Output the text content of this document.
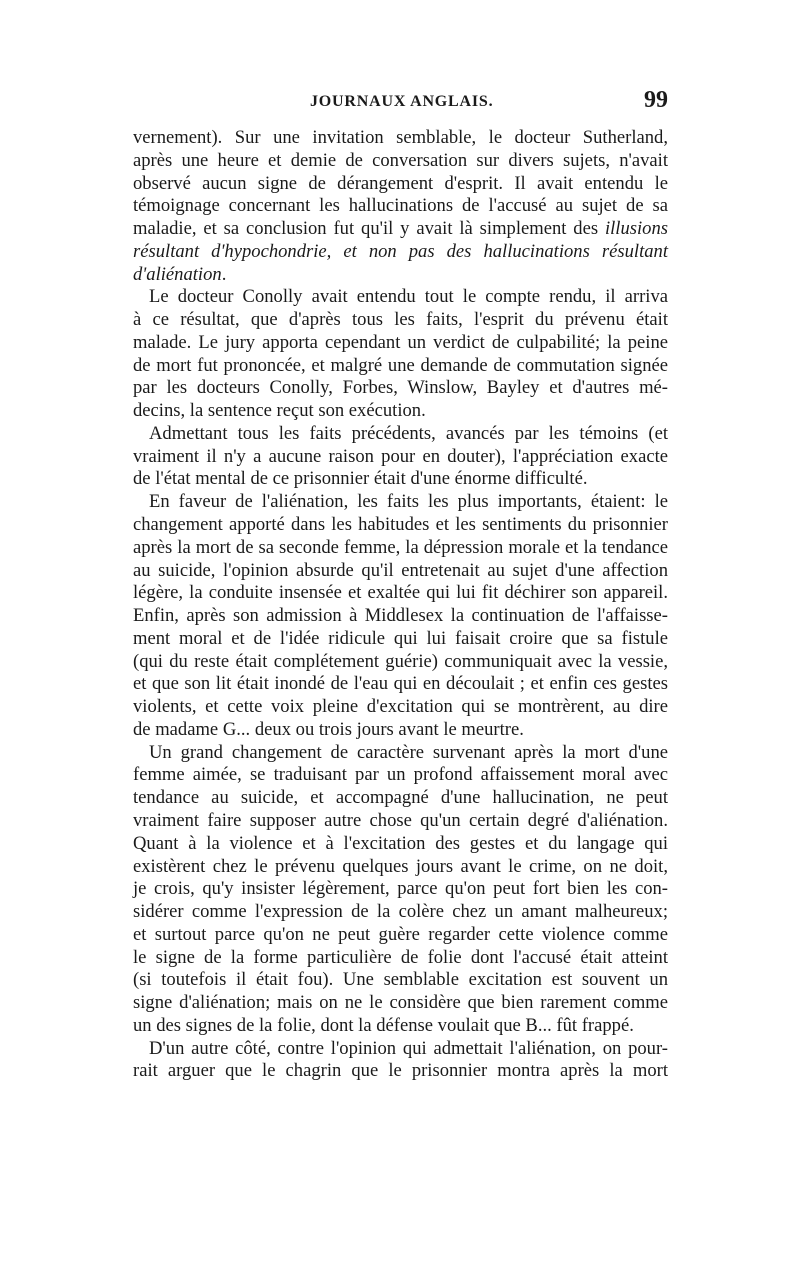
JOURNAUX ANGLAIS.	99
vernement). Sur une invitation semblable, le docteur Sutherland,
après une heure et demie de conversation sur divers sujets, n'avait
observé aucun signe de dérangement d'esprit. Il avait entendu le
témoignage concernant les hallucinations de l'accusé au sujet de sa
maladie, et sa conclusion fut qu'il y avait là simplement des illusions
résultant d'hypochondrie, et non pas des hallucinations résultant
d'aliénation.
Le docteur Conolly avait entendu tout le compte rendu, il arriva
à ce résultat, que d'après tous les faits, l'esprit du prévenu était
malade. Le jury apporta cependant un verdict de culpabilité; la peine
de mort fut prononcée, et malgré une demande de commutation signée
par les docteurs Conolly, Forbes, Winslow, Bayley et d'autres mé-
decins, la sentence reçut son exécution.
Admettant tous les faits précédents, avancés par les témoins (et
vraiment il n'y a aucune raison pour en douter), l'appréciation exacte
de l'état mental de ce prisonnier était d'une énorme difficulté.
En faveur de l'aliénation, les faits les plus importants, étaient: le
changement apporté dans les habitudes et les sentiments du prisonnier
après la mort de sa seconde femme, la dépression morale et la tendance
au suicide, l'opinion absurde qu'il entretenait au sujet d'une affection
légère, la conduite insensée et exaltée qui lui fit déchirer son appareil.
Enfin, après son admission à Middlesex la continuation de l'affaisse-
ment moral et de l'idée ridicule qui lui faisait croire que sa fistule
(qui du reste était complétement guérie) communiquait avec la vessie,
et que son lit était inondé de l'eau qui en découlait ; et enfin ces gestes
violents, et cette voix pleine d'excitation qui se montrèrent, au dire
de madame G... deux ou trois jours avant le meurtre.
Un grand changement de caractère survenant après la mort d'une
femme aimée, se traduisant par un profond affaissement moral avec
tendance au suicide, et accompagné d'une hallucination, ne peut
vraiment faire supposer autre chose qu'un certain degré d'aliénation.
Quant à la violence et à l'excitation des gestes et du langage qui
existèrent chez le prévenu quelques jours avant le crime, on ne doit,
je crois, qu'y insister légèrement, parce qu'on peut fort bien les con-
sidérer comme l'expression de la colère chez un amant malheureux;
et surtout parce qu'on ne peut guère regarder cette violence comme
le signe de la forme particulière de folie dont l'accusé était atteint
(si toutefois il était fou). Une semblable excitation est souvent un
signe d'aliénation; mais on ne le considère que bien rarement comme
un des signes de la folie, dont la défense voulait que B... fût frappé.
D'un autre côté, contre l'opinion qui admettait l'aliénation, on pour-
rait arguer que le chagrin que le prisonnier montra après la mort
